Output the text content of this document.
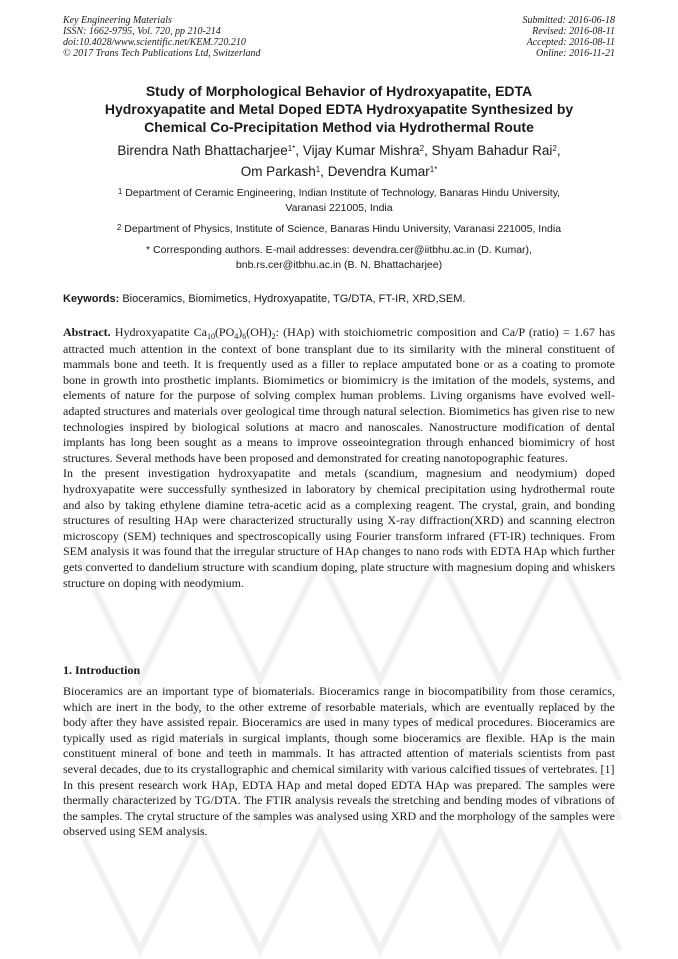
Key Engineering Materials
ISSN: 1662-9795, Vol. 720, pp 210-214
doi:10.4028/www.scientific.net/KEM.720.210
© 2017 Trans Tech Publications Ltd, Switzerland
Submitted: 2016-06-18
Revised: 2016-08-11
Accepted: 2016-08-11
Online: 2016-11-21
Study of Morphological Behavior of Hydroxyapatite, EDTA
Hydroxyapatite and Metal Doped EDTA Hydroxyapatite Synthesized by
Chemical Co-Precipitation Method via Hydrothermal Route
Birendra Nath Bhattacharjee$^{1*}$, Vijay Kumar Mishra$^2$, Shyam Bahadur Rai$^2$,
Om Parkash$^1$, Devendra Kumar$^{1*}$
$^1$ Department of Ceramic Engineering, Indian Institute of Technology, Banaras Hindu University,
Varanasi 221005, India
$^2$ Department of Physics, Institute of Science, Banaras Hindu University, Varanasi 221005, India
* Corresponding authors. E-mail addresses: devendra.cer@iitbhu.ac.in (D. Kumar),
bnb.rs.cer@itbhu.ac.in (B. N. Bhattacharjee)
Keywords: Bioceramics, Biomimetics, Hydroxyapatite, TG/DTA, FT-IR, XRD,SEM.

Abstract. Hydroxyapatite $Ca_{10}(PO_4)_6(OH)_2$: (HAp) with stoichiometric composition and Ca/P (ratio) = 1.67 has attracted much attention in the context of bone transplant due to its similarity with the mineral constituent of mammals bone and teeth. It is frequently used as a filler to replace amputated bone or as a coating to promote bone in growth into prosthetic implants. Biomimetics or biomimicry is the imitation of the models, systems, and elements of nature for the purpose of solving complex human problems. Living organisms have evolved well-adapted structures and materials over geological time through natural selection. Biomimetics has given rise to new technologies inspired by biological solutions at macro and nanoscales. Nanostructure modification of dental implants has long been sought as a means to improve osseointegration through enhanced biomimicry of host structures. Several methods have been proposed and demonstrated for creating nanotopographic features.

In the present investigation hydroxyapatite and metals (scandium, magnesium and neodymium) doped hydroxyapatite were successfully synthesized in laboratory by chemical precipitation using hydrothermal route and also by taking ethylene diamine tetra-acetic acid as a complexing reagent. The crystal, grain, and bonding structures of resulting HAp were characterized structurally using X-ray diffraction(XRD) and scanning electron microscopy (SEM) techniques and spectroscopically using Fourier transform infrared (FT-IR) techniques. From SEM analysis it was found that the irregular structure of HAp changes to nano rods with EDTA HAp which further gets converted to dandelium structure with scandium doping, plate structure with magnesium doping and whiskers structure on doping with neodymium.

1. Introduction

Bioceramics are an important type of biomaterials. Bioceramics range in biocompatibility from those ceramics, which are inert in the body, to the other extreme of resorbable materials, which are eventually replaced by the body after they have assisted repair. Bioceramics are used in many types of medical procedures. Bioceramics are typically used as rigid materials in surgical implants, though some bioceramics are flexible. HAp is the main constituent mineral of bone and teeth in mammals. It has attracted attention of materials scientists from past several decades, due to its crystallographic and chemical similarity with various calcified tissues of vertebrates. [1]

In this present research work HAp, EDTA HAp and metal doped EDTA HAp was prepared. The samples were thermally characterized by TG/DTA. The FTIR analysis reveals the stretching and bending modes of vibrations of the samples. The crytal structure of the samples was analysed using XRD and the morphology of the samples were observed using SEM analysis.
